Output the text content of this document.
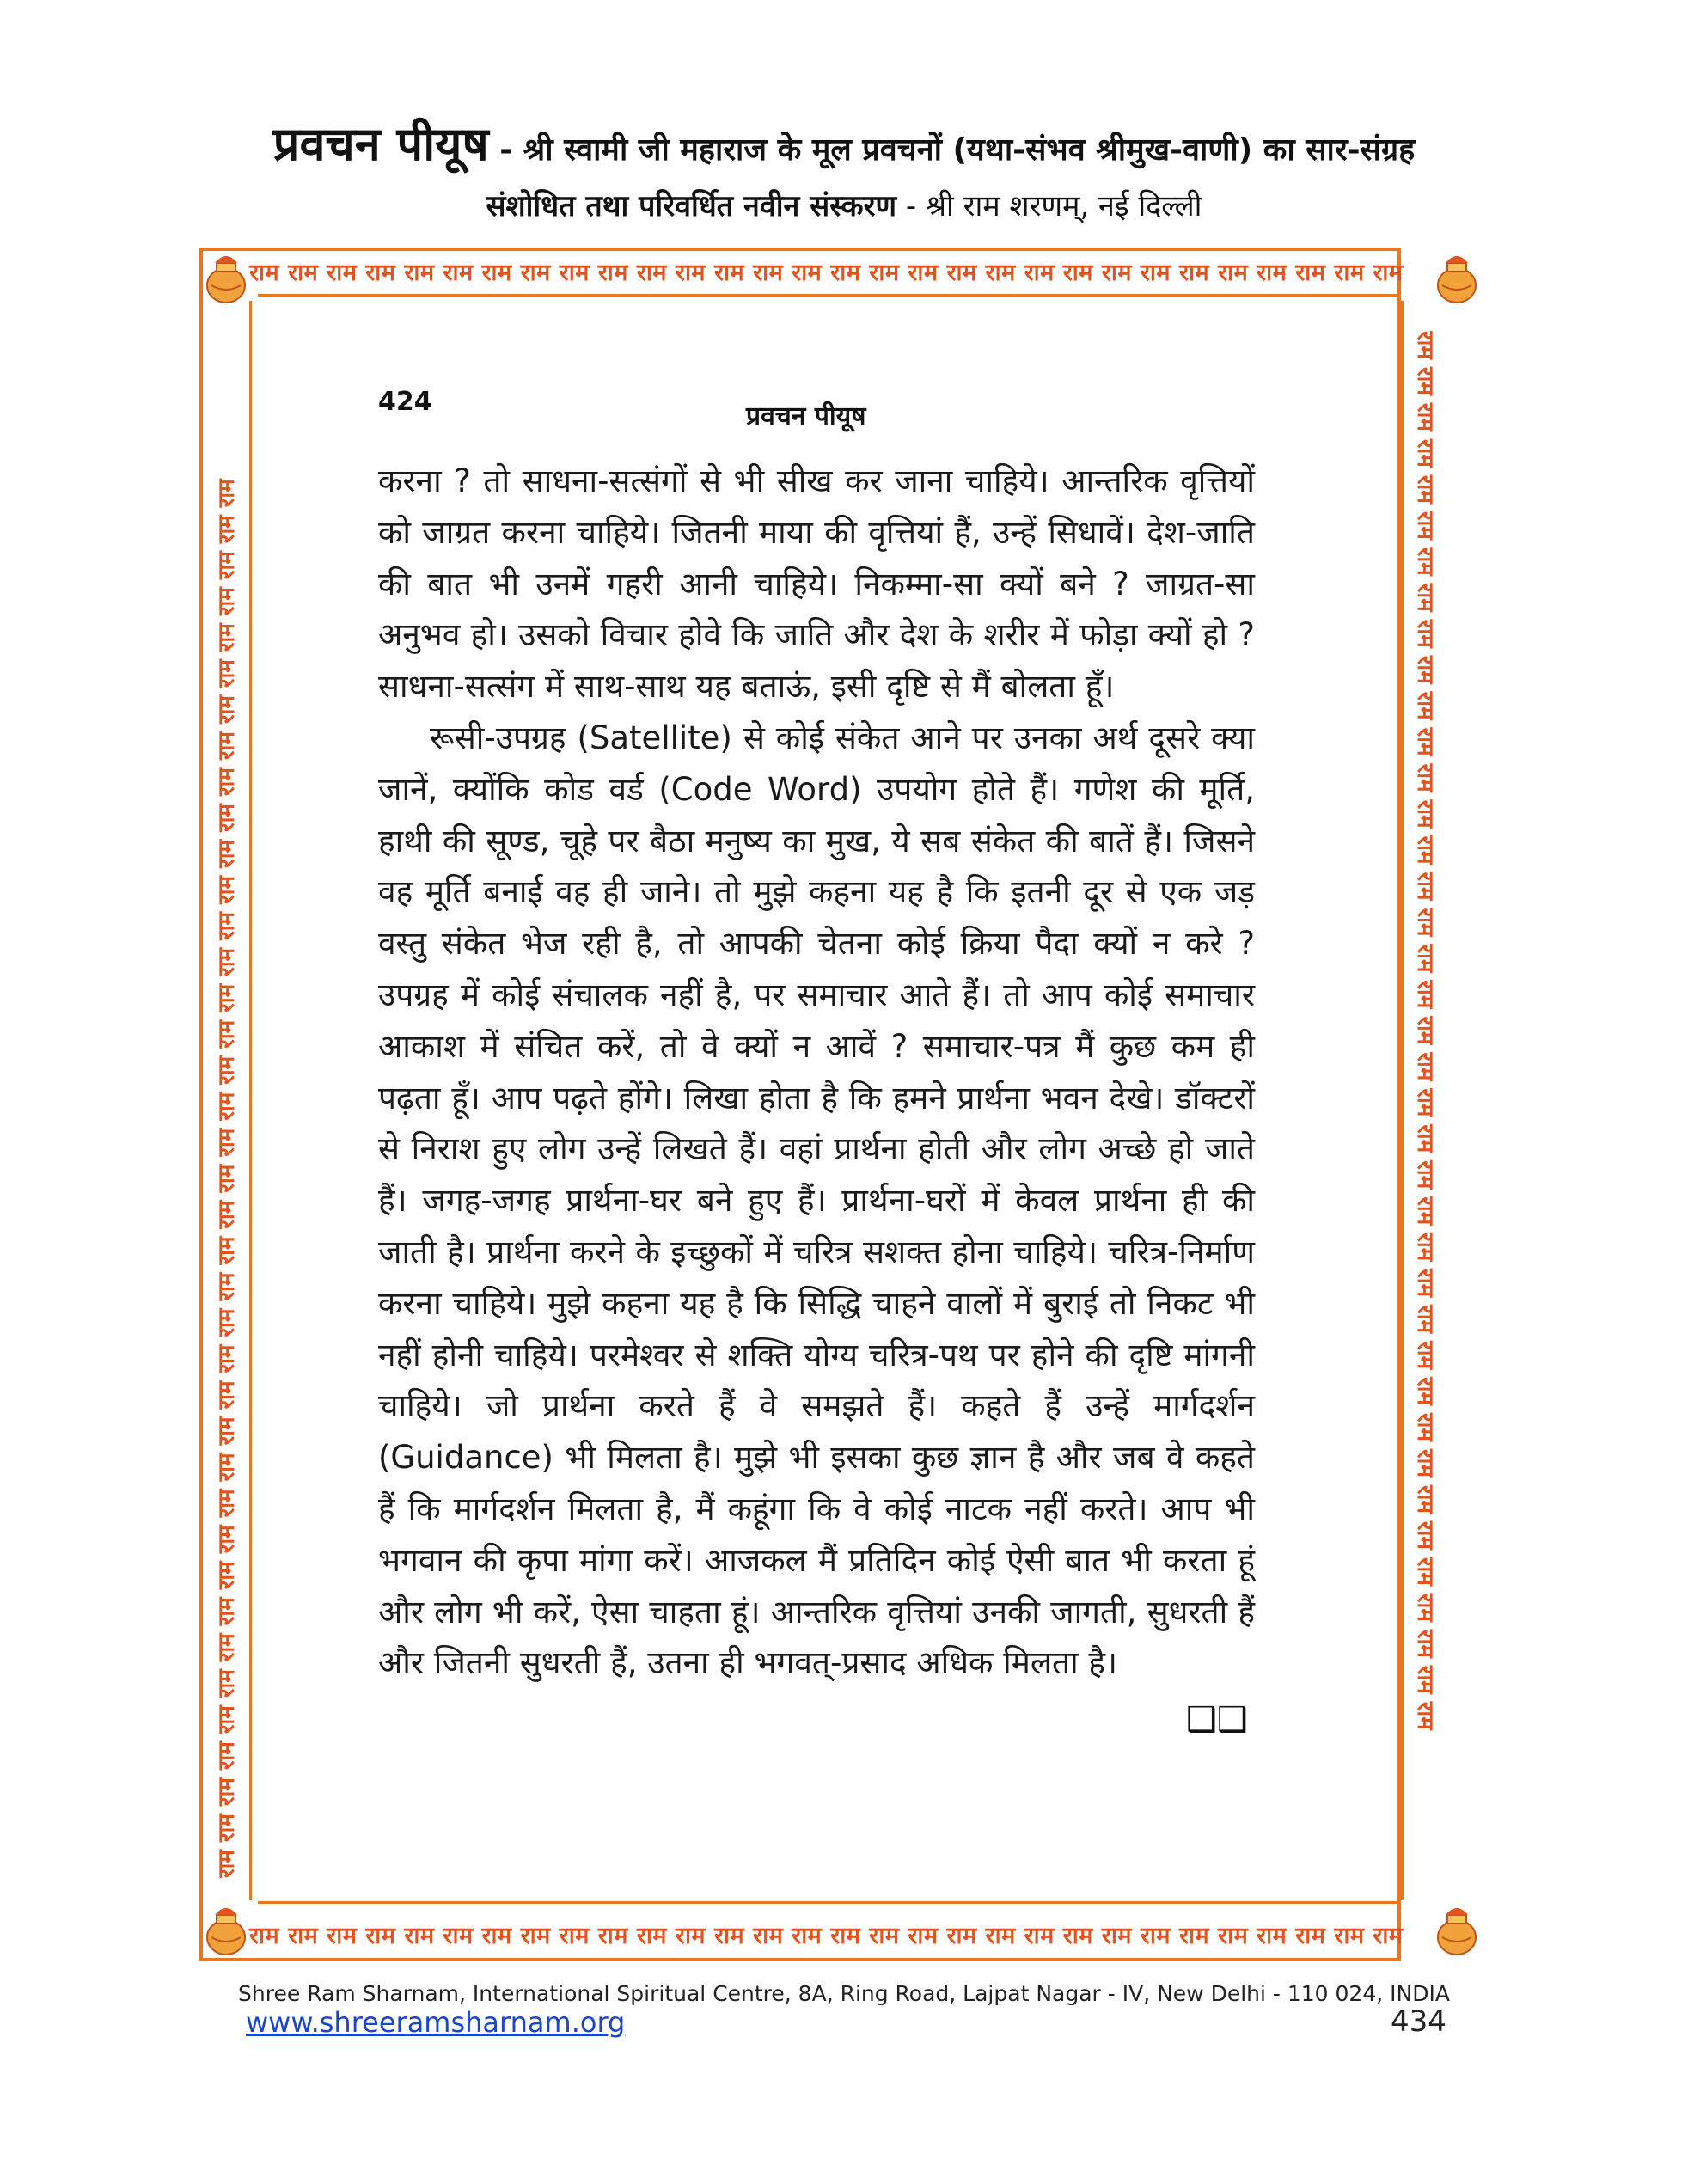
प्रवचन पीयूष - श्री स्वामी जी महाराज के मूल प्रवचनों (यथा-संभव श्रीमुख-वाणी) का सार-संग्रह
संशोधित तथा परिवर्धित नवीन संस्करण - श्री राम शरणम्, नई दिल्ली
राम राम राम राम राम राम राम राम राम राम राम राम राम राम राम राम राम राम राम राम राम राम राम राम राम राम राम राम राम राम
राम राम राम राम राम राम राम राम राम राम राम राम राम राम राम राम राम राम राम राम राम राम राम राम राम राम राम राम राम राम
राम राम राम राम राम राम राम राम राम राम राम राम राम राम राम राम राम राम राम राम राम राम राम राम राम राम राम राम राम राम राम राम राम राम राम राम राम राम राम	राम राम राम राम राम राम राम राम राम राम राम राम राम राम राम राम राम राम राम राम राम राम राम राम राम राम राम राम राम राम राम राम राम राम राम राम राम राम राम
424	प्रवचन पीयूष

करना ? तो साधना-सत्संगों से भी सीख कर जाना चाहिये। आन्तरिक वृत्तियों को जाग्रत करना चाहिये। जितनी माया की वृत्तियां हैं, उन्हें सिधावें। देश-जाति की बात भी उनमें गहरी आनी चाहिये। निकम्मा-सा क्यों बने ? जाग्रत-सा अनुभव हो। उसको विचार होवे कि जाति और देश के शरीर में फोड़ा क्यों हो ? साधना-सत्संग में साथ-साथ यह बताऊं, इसी दृष्टि से मैं बोलता हूँ।

रूसी-उपग्रह (Satellite) से कोई संकेत आने पर उनका अर्थ दूसरे क्या जानें, क्योंकि कोड वर्ड (Code Word) उपयोग होते हैं। गणेश की मूर्ति, हाथी की सूण्ड, चूहे पर बैठा मनुष्य का मुख, ये सब संकेत की बातें हैं। जिसने वह मूर्ति बनाई वह ही जाने। तो मुझे कहना यह है कि इतनी दूर से एक जड़ वस्तु संकेत भेज रही है, तो आपकी चेतना कोई क्रिया पैदा क्यों न करे ? उपग्रह में कोई संचालक नहीं है, पर समाचार आते हैं। तो आप कोई समाचार आकाश में संचित करें, तो वे क्यों न आवें ? समाचार-पत्र मैं कुछ कम ही पढ़ता हूँ। आप पढ़ते होंगे। लिखा होता है कि हमने प्रार्थना भवन देखे। डॉक्टरों से निराश हुए लोग उन्हें लिखते हैं। वहां प्रार्थना होती और लोग अच्छे हो जाते हैं। जगह-जगह प्रार्थना-घर बने हुए हैं। प्रार्थना-घरों में केवल प्रार्थना ही की जाती है। प्रार्थना करने के इच्छुकों में चरित्र सशक्त होना चाहिये। चरित्र-निर्माण करना चाहिये। मुझे कहना यह है कि सिद्धि चाहने वालों में बुराई तो निकट भी नहीं होनी चाहिये। परमेश्वर से शक्ति योग्य चरित्र-पथ पर होने की दृष्टि मांगनी चाहिये। जो प्रार्थना करते हैं वे समझते हैं। कहते हैं उन्हें मार्गदर्शन (Guidance) भी मिलता है। मुझे भी इसका कुछ ज्ञान है और जब वे कहते हैं कि मार्गदर्शन मिलता है, मैं कहूंगा कि वे कोई नाटक नहीं करते। आप भी भगवान की कृपा मांगा करें। आजकल मैं प्रतिदिन कोई ऐसी बात भी करता हूं और लोग भी करें, ऐसा चाहता हूं। आन्तरिक वृत्तियां उनकी जागती, सुधरती हैं और जितनी सुधरती हैं, उतना ही भगवत्-प्रसाद अधिक मिलता है।

❑❑
Shree Ram Sharnam, International Spiritual Centre, 8A, Ring Road, Lajpat Nagar - IV, New Delhi - 110 024, INDIA
www.shreeramsharnam.org	434
